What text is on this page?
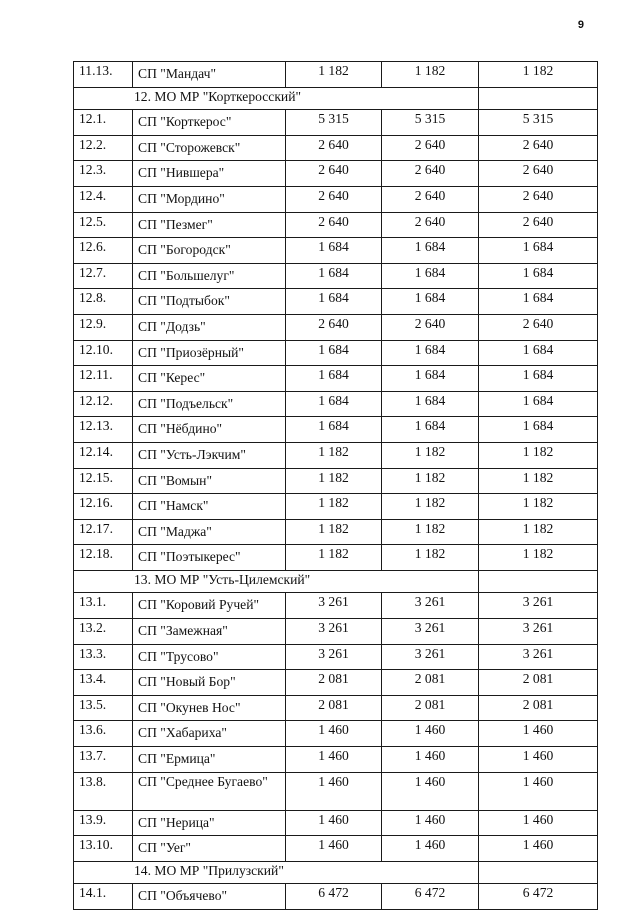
9
11.13.	СП "Мандач"	1 182	1 182	1 182
12. МО МР "Корткеросский"				
12.1.	СП "Корткерос"	5 315	5 315	5 315
12.2.	СП "Сторожевск"	2 640	2 640	2 640
12.3.	СП "Нившера"	2 640	2 640	2 640
12.4.	СП "Мордино"	2 640	2 640	2 640
12.5.	СП "Пезмег"	2 640	2 640	2 640
12.6.	СП "Богородск"	1 684	1 684	1 684
12.7.	СП "Большелуг"	1 684	1 684	1 684
12.8.	СП "Подтыбок"	1 684	1 684	1 684
12.9.	СП "Додзь"	2 640	2 640	2 640
12.10.	СП "Приозёрный"	1 684	1 684	1 684
12.11.	СП "Керес"	1 684	1 684	1 684
12.12.	СП "Подъельск"	1 684	1 684	1 684
12.13.	СП "Нёбдино"	1 684	1 684	1 684
12.14.	СП "Усть-Лэкчим"	1 182	1 182	1 182
12.15.	СП "Вомын"	1 182	1 182	1 182
12.16.	СП "Намск"	1 182	1 182	1 182
12.17.	СП "Маджа"	1 182	1 182	1 182
12.18.	СП "Поэтыкерес"	1 182	1 182	1 182
13. МО МР "Усть-Цилемский"				
13.1.	СП "Коровий Ручей"	3 261	3 261	3 261
13.2.	СП "Замежная"	3 261	3 261	3 261
13.3.	СП "Трусово"	3 261	3 261	3 261
13.4.	СП "Новый Бор"	2 081	2 081	2 081
13.5.	СП "Окунев Нос"	2 081	2 081	2 081
13.6.	СП "Хабариха"	1 460	1 460	1 460
13.7.	СП "Ермица"	1 460	1 460	1 460
13.8.	СП "Среднее Бугаево"	1 460	1 460	1 460
13.9.	СП "Нерица"	1 460	1 460	1 460
13.10.	СП "Уег"	1 460	1 460	1 460
14. МО МР "Прилузский"				
14.1.	СП "Объячево"	6 472	6 472	6 472
